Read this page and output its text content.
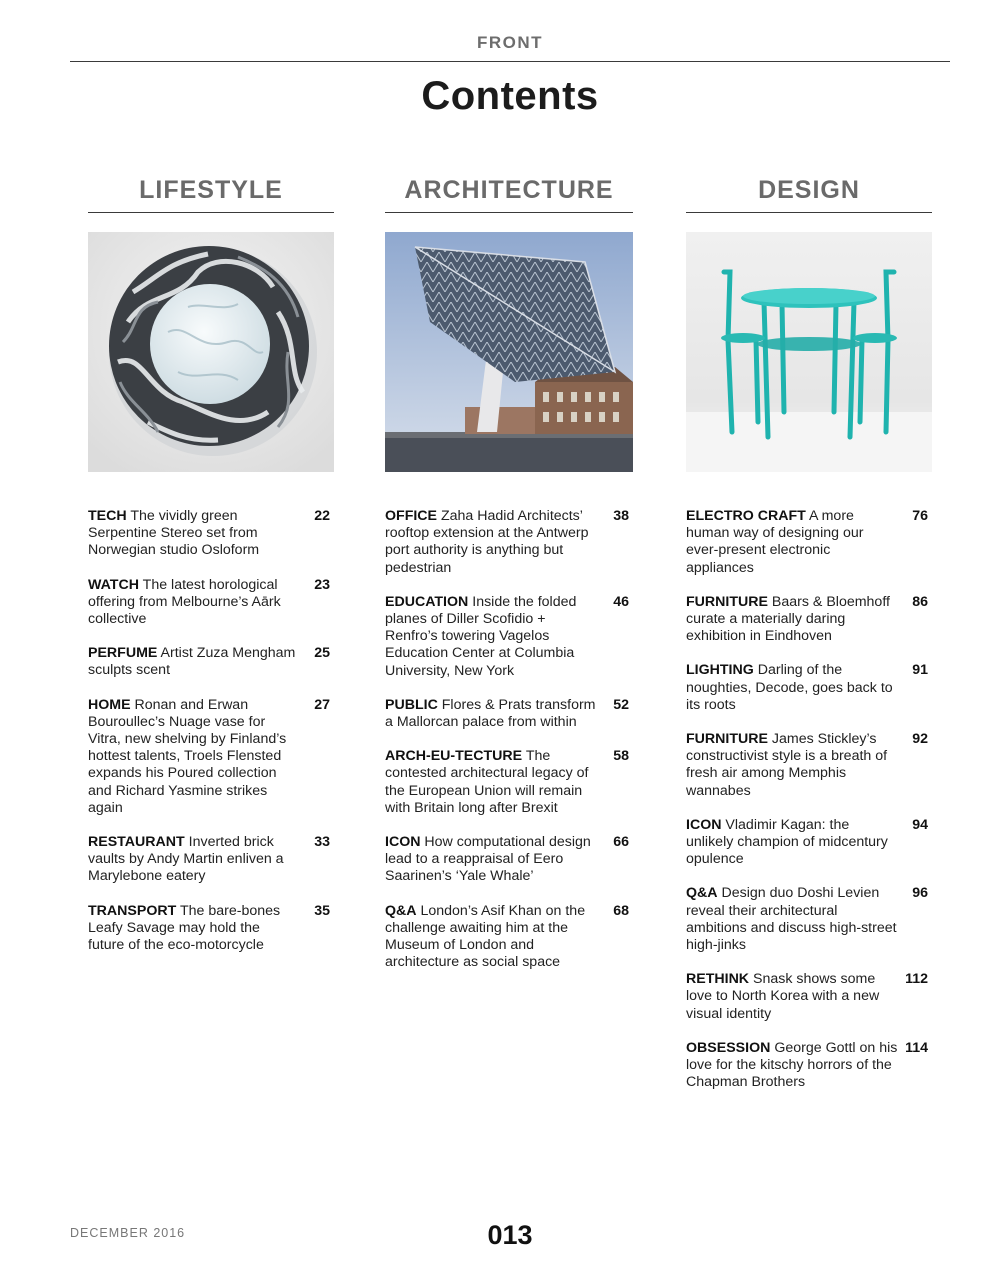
FRONT
Contents
LIFESTYLE
TECH The vividly green Serpentine Stereo set from Norwegian studio Osloform
22
WATCH The latest horological offering from Melbourne’s Aārk collective
23
PERFUME Artist Zuza Mengham sculpts scent
25
HOME Ronan and Erwan Bouroullec’s Nuage vase for Vitra, new shelving by Finland’s hottest talents, Troels Flensted expands his Poured collection and Richard Yasmine strikes again
27
RESTAURANT Inverted brick vaults by Andy Martin enliven a Marylebone eatery
33
TRANSPORT The bare-bones Leafy Savage may hold the future of the eco-motorcycle
35
ARCHITECTURE
OFFICE Zaha Hadid Architects’ rooftop extension at the Antwerp port authority is anything but pedestrian
38
EDUCATION Inside the folded planes of Diller Scofidio + Renfro’s towering Vagelos Education Center at Columbia University, New York
46
PUBLIC Flores & Prats transform a Mallorcan palace from within
52
ARCH-EU-TECTURE The contested architectural legacy of the European Union will remain with Britain long after Brexit
58
ICON How computational design lead to a reappraisal of Eero Saarinen’s ‘Yale Whale’
66
Q&A London’s Asif Khan on the challenge awaiting him at the Museum of London and architecture as social space
68
DESIGN
ELECTRO CRAFT A more human way of designing our ever-present electronic appliances
76
FURNITURE Baars & Bloemhoff curate a materially daring exhibition in Eindhoven
86
LIGHTING Darling of the noughties, Decode, goes back to its roots
91
FURNITURE James Stickley’s constructivist style is a breath of fresh air among Memphis wannabes
92
ICON Vladimir Kagan: the unlikely champion of midcentury opulence
94
Q&A Design duo Doshi Levien reveal their architectural ambitions and discuss high-street high-jinks
96
RETHINK Snask shows some love to North Korea with a new visual identity
112
OBSESSION George Gottl on his love for the kitschy horrors of the Chapman Brothers
114
DECEMBER 2016	013
